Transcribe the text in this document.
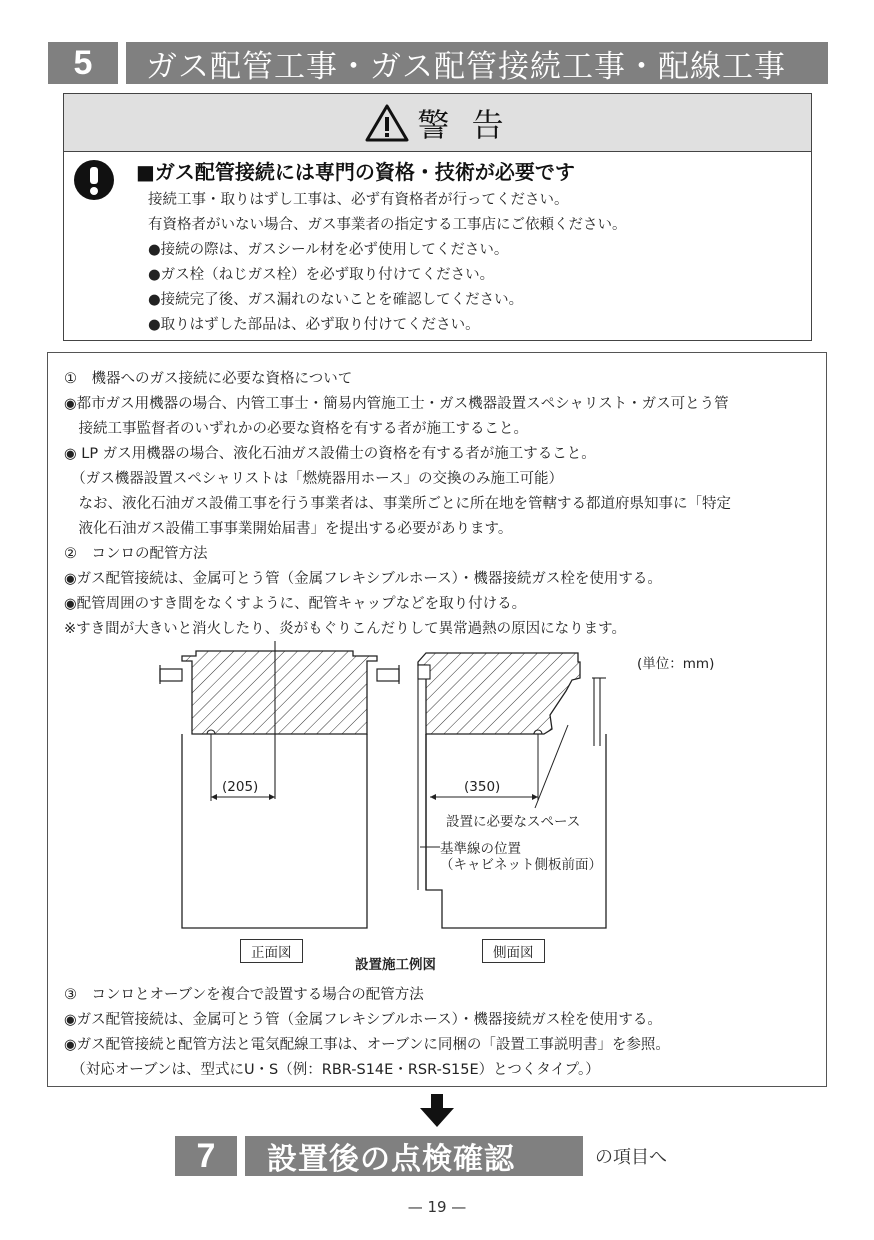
5	ガス配管工事・ガス配管接続工事・配線工事
警 告
■ガス配管接続には専門の資格・技術が必要です
接続工事・取りはずし工事は、必ず有資格者が行ってください。
有資格者がいない場合、ガス事業者の指定する工事店にご依頼ください。
●接続の際は、ガスシール材を必ず使用してください。
●ガス栓（ねじガス栓）を必ず取り付けてください。
●接続完了後、ガス漏れのないことを確認してください。
●取りはずした部品は、必ず取り付けてください。
①　機器へのガス接続に必要な資格について
◉都市ガス用機器の場合、内管工事士・簡易内管施工士・ガス機器設置スペシャリスト・ガス可とう管
　接続工事監督者のいずれかの必要な資格を有する者が施工すること。
◉ LP ガス用機器の場合、液化石油ガス設備士の資格を有する者が施工すること。
　（ガス機器設置スペシャリストは「燃焼器用ホース」の交換のみ施工可能）
　なお、液化石油ガス設備工事を行う事業者は、事業所ごとに所在地を管轄する都道府県知事に「特定
　液化石油ガス設備工事事業開始届書」を提出する必要があります。
②　コンロの配管方法
◉ガス配管接続は、金属可とう管（金属フレキシブルホース）・機器接続ガス栓を使用する。
◉配管周囲のすき間をなくすように、配管キャップなどを取り付ける。
※すき間が大きいと消火したり、炎がもぐりこんだりして異常過熱の原因になります。
(単位：mm)
(205)	(350)
設置に必要なスペース
基準線の位置
（キャビネット側板前面）
正面図	側面図
設置施工例図
③　コンロとオーブンを複合で設置する場合の配管方法
◉ガス配管接続は、金属可とう管（金属フレキシブルホース）・機器接続ガス栓を使用する。
◉ガス配管接続と配管方法と電気配線工事は、オーブンに同梱の「設置工事説明書」を参照。
　（対応オーブンは、型式にU・S（例：RBR-S14E・RSR-S15E）とつくタイプ。）
7	設置後の点検確認	の項目へ
— 19 —
